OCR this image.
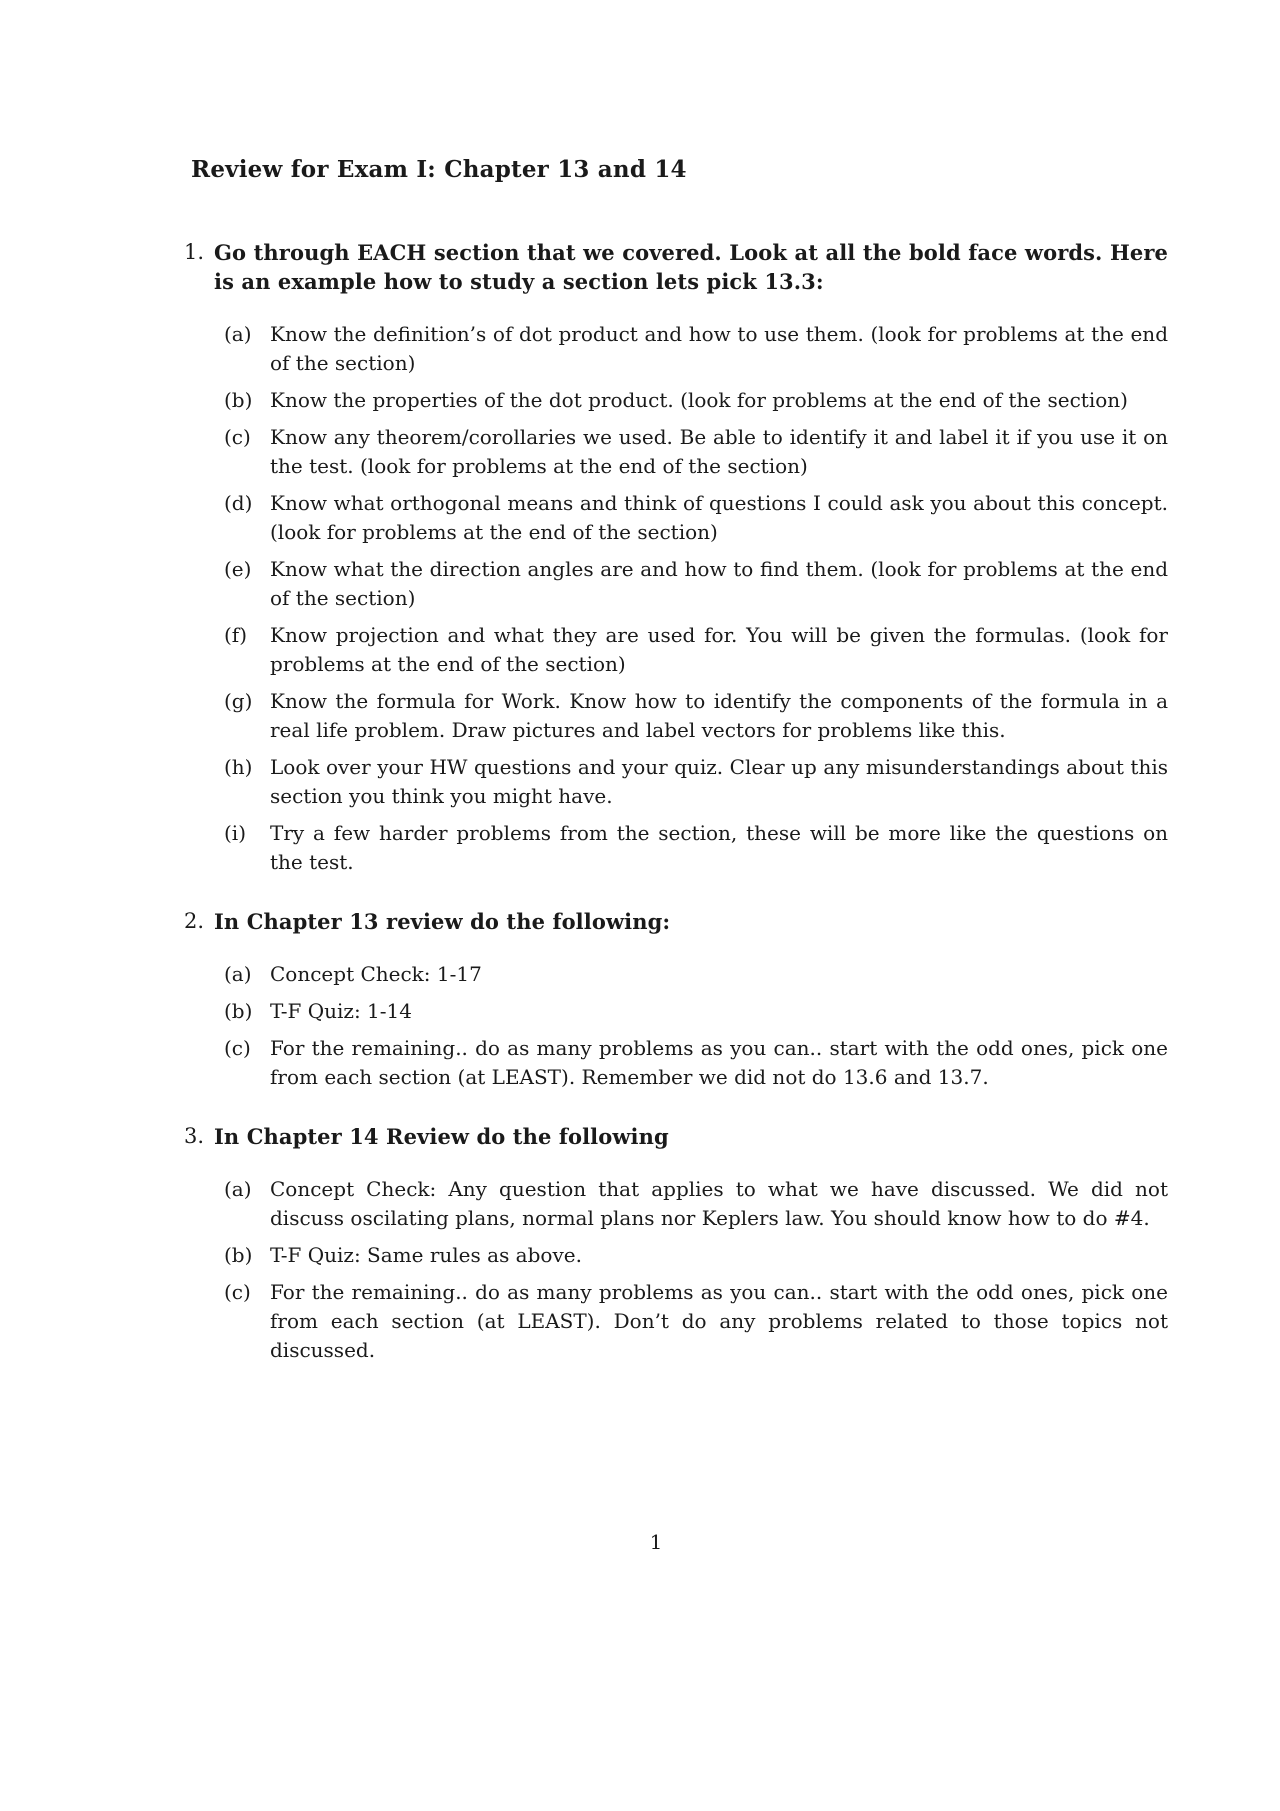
Review for Exam I: Chapter 13 and 14
1. Go through EACH section that we covered. Look at all the bold face words. Here is an example how to study a section lets pick 13.3:
(a) Know the definition’s of dot product and how to use them. (look for problems at the end of the section)
(b) Know the properties of the dot product. (look for problems at the end of the section)
(c) Know any theorem/corollaries we used. Be able to identify it and label it if you use it on the test. (look for problems at the end of the section)
(d) Know what orthogonal means and think of questions I could ask you about this concept. (look for problems at the end of the section)
(e) Know what the direction angles are and how to find them. (look for problems at the end of the section)
(f)	Know projection and what they are used for. You will be given the formulas. (look for problems at the end of the section)
(g) Know the formula for Work. Know how to identify the components of the formula in a real life problem. Draw pictures and label vectors for problems like this.
(h) Look over your HW questions and your quiz. Clear up any misunderstandings about this section you think you might have.
(i)	Try a few harder problems from the section, these will be more like the questions on the test.
2. In Chapter 13 review do the following:
(a) Concept Check: 1-17
(b) T-F Quiz: 1-14
(c) For the remaining.. do as many problems as you can.. start with the odd ones, pick one from each section (at LEAST). Remember we did not do 13.6 and 13.7.
3. In Chapter 14 Review do the following
(a) Concept Check: Any question that applies to what we have discussed. We did not discuss oscilating plans, normal plans nor Keplers law. You should know how to do #4.
(b) T-F Quiz: Same rules as above.
(c) For the remaining.. do as many problems as you can.. start with the odd ones, pick one from each section (at LEAST). Don’t do any problems related to those topics not discussed.
1
